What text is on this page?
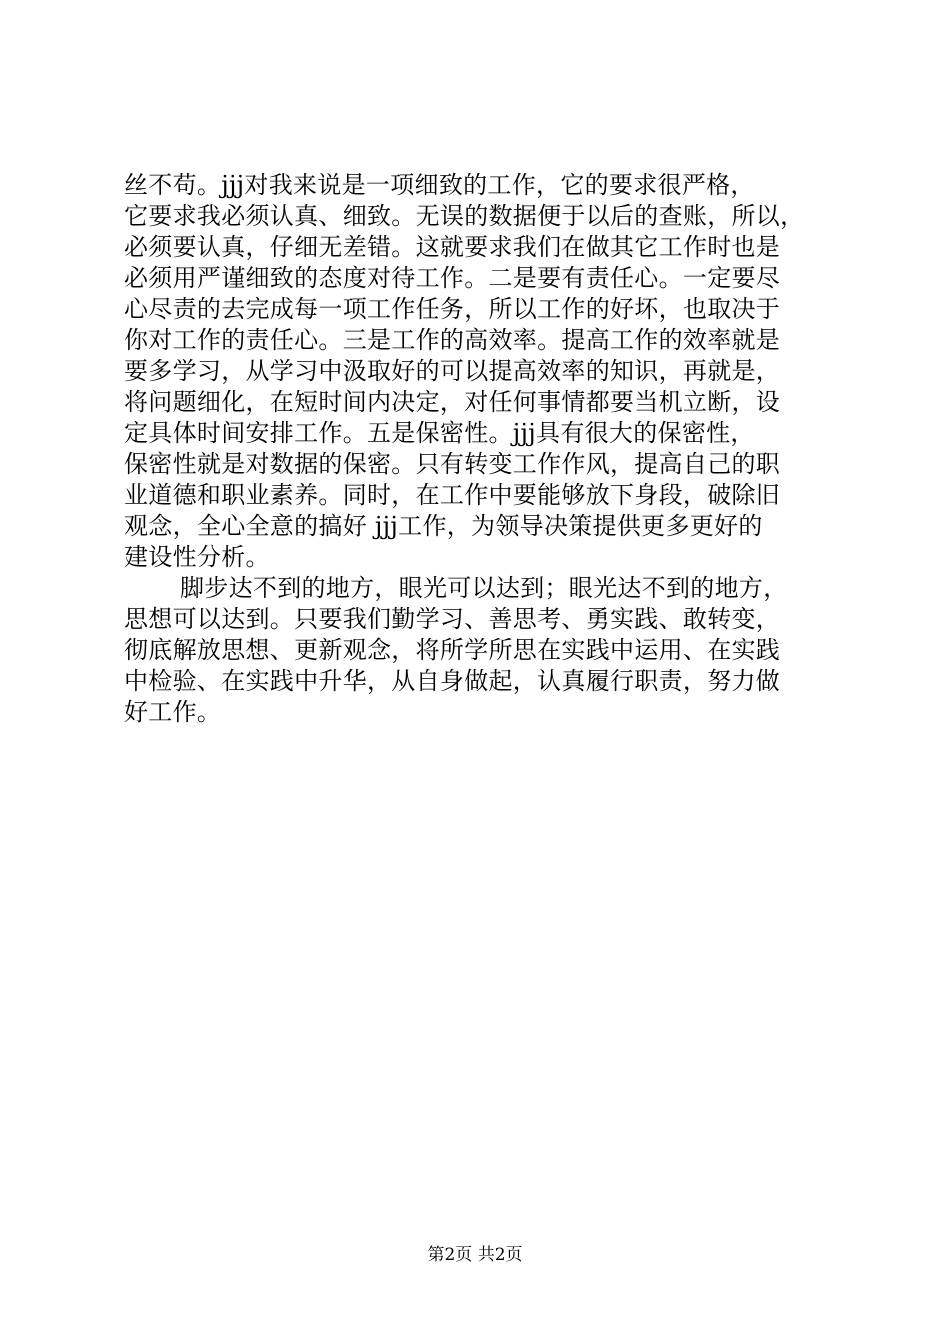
丝不苟。jjj对我来说是一项细致的工作，它的要求很严格，
它要求我必须认真、细致。无误的数据便于以后的查账，所以，
必须要认真，仔细无差错。这就要求我们在做其它工作时也是
必须用严谨细致的态度对待工作。二是要有责任心。一定要尽
心尽责的去完成每一项工作任务，所以工作的好坏，也取决于
你对工作的责任心。三是工作的高效率。提高工作的效率就是
要多学习，从学习中汲取好的可以提高效率的知识，再就是，
将问题细化，在短时间内决定，对任何事情都要当机立断，设
定具体时间安排工作。五是保密性。jjj具有很大的保密性，
保密性就是对数据的保密。只有转变工作作风，提高自己的职
业道德和职业素养。同时，在工作中要能够放下身段，破除旧
观念，全心全意的搞好 jjj工作，为领导决策提供更多更好的
建设性分析。
脚步达不到的地方，眼光可以达到；眼光达不到的地方，
思想可以达到。只要我们勤学习、善思考、勇实践、敢转变，
彻底解放思想、更新观念，将所学所思在实践中运用、在实践
中检验、在实践中升华，从自身做起，认真履行职责，努力做
好工作。
第2页 共2页
